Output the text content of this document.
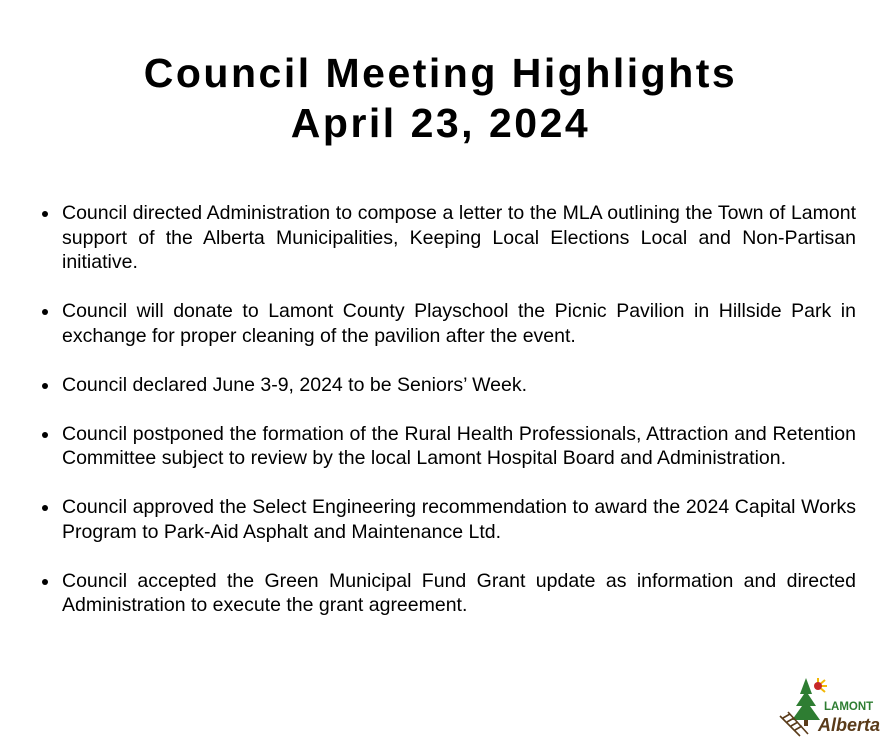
Council Meeting Highlights
April 23, 2024
Council directed Administration to compose a letter to the MLA outlining the Town of Lamont support of the Alberta Municipalities, Keeping Local Elections Local and Non-Partisan initiative.
Council will donate to Lamont County Playschool the Picnic Pavilion in Hillside Park in exchange for proper cleaning of the pavilion after the event.
Council declared June 3-9, 2024 to be Seniors’ Week.
Council postponed the formation of the Rural Health Professionals, Attraction and Retention Committee subject to review by the local Lamont Hospital Board and Administration.
Council approved the Select Engineering recommendation to award the 2024 Capital Works Program to Park-Aid Asphalt and Maintenance Ltd.
Council accepted the Green Municipal Fund Grant update as information and directed Administration to execute the grant agreement.
LAMONT
Alberta
